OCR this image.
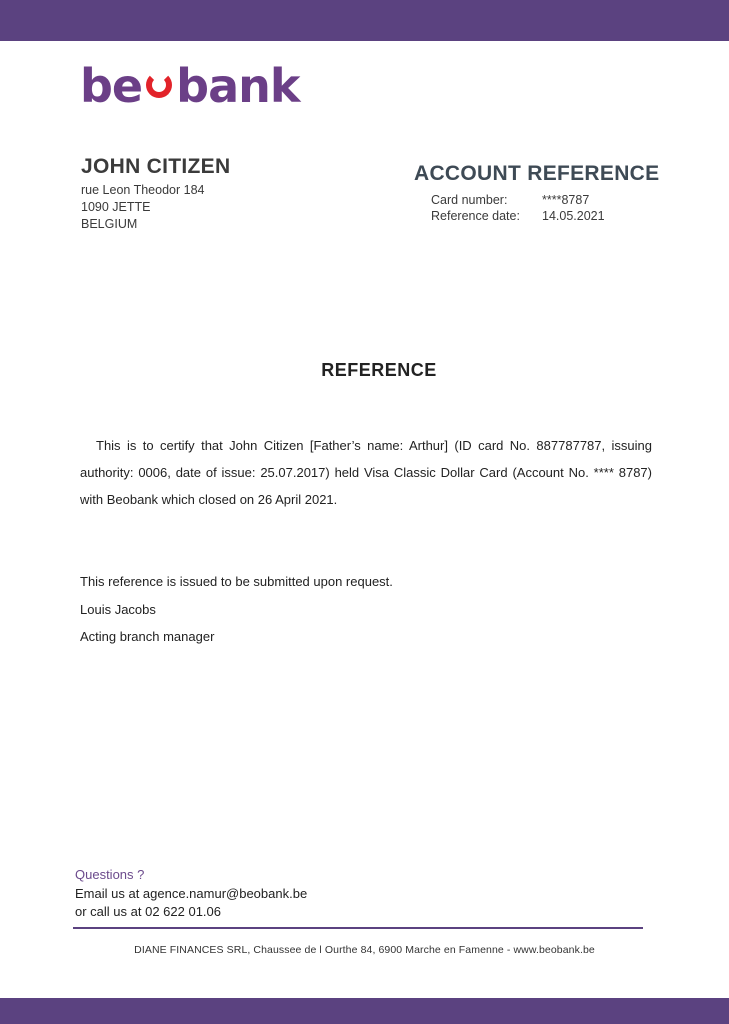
be bank
JOHN CITIZEN
rue Leon Theodor 184
1090 JETTE
BELGIUM
ACCOUNT REFERENCE
Card number:	****8787
Reference date: 14.05.2021
REFERENCE
This is to certify that John Citizen [Father’s name: Arthur] (ID card No. 887787787, issuing authority: 0006, date of issue: 25.07.2017) held Visa Classic Dollar Card (Account No. **** 8787) with Beobank which closed on 26 April 2021.
This reference is issued to be submitted upon request.
Louis Jacobs
Acting branch manager
Questions ?
Email us at agence.namur@beobank.be
or call us at 02 622 01.06
DIANE FINANCES SRL, Chaussee de l Ourthe 84, 6900 Marche en Famenne - www.beobank.be
